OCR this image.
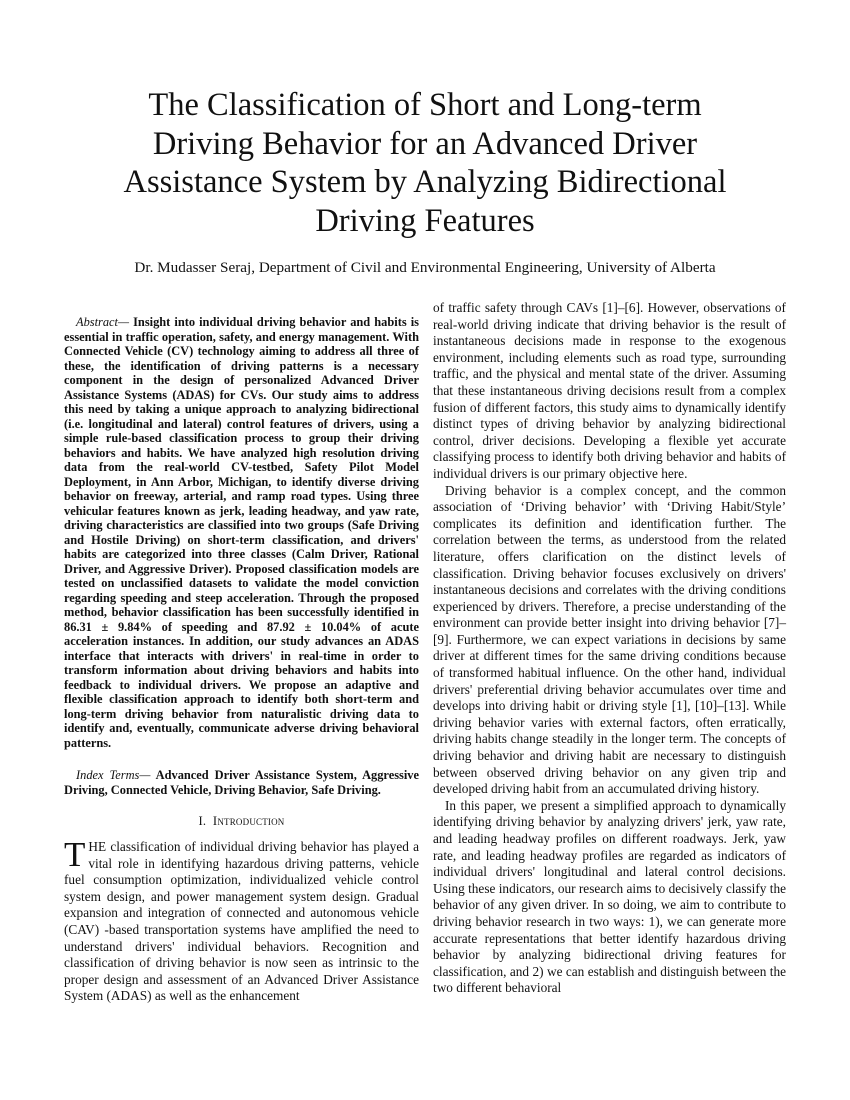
The Classification of Short and Long-term
Driving Behavior for an Advanced Driver
Assistance System by Analyzing Bidirectional
Driving Features

Dr. Mudasser Seraj, Department of Civil and Environmental Engineering, University of Alberta

Abstract— Insight into individual driving behavior and habits is essential in traffic operation, safety, and energy management. With Connected Vehicle (CV) technology aiming to address all three of these, the identification of driving patterns is a necessary component in the design of personalized Advanced Driver Assistance Systems (ADAS) for CVs. Our study aims to address this need by taking a unique approach to analyzing bidirectional (i.e. longitudinal and lateral) control features of drivers, using a simple rule-based classification process to group their driving behaviors and habits. We have analyzed high resolution driving data from the real-world CV-testbed, Safety Pilot Model Deployment, in Ann Arbor, Michigan, to identify diverse driving behavior on freeway, arterial, and ramp road types. Using three vehicular features known as jerk, leading headway, and yaw rate, driving characteristics are classified into two groups (Safe Driving and Hostile Driving) on short-term classification, and drivers' habits are categorized into three classes (Calm Driver, Rational Driver, and Aggressive Driver). Proposed classification models are tested on unclassified datasets to validate the model conviction regarding speeding and steep acceleration. Through the proposed method, behavior classification has been successfully identified in 86.31 ± 9.84% of speeding and 87.92 ± 10.04% of acute acceleration instances. In addition, our study advances an ADAS interface that interacts with drivers' in real-time in order to transform information about driving behaviors and habits into feedback to individual drivers. We propose an adaptive and flexible classification approach to identify both short-term and long-term driving behavior from naturalistic driving data to identify and, eventually, communicate adverse driving behavioral patterns.

Index Terms— Advanced Driver Assistance System, Aggressive Driving, Connected Vehicle, Driving Behavior, Safe Driving.

I. Introduction

THE classification of individual driving behavior has played a vital role in identifying hazardous driving patterns, vehicle fuel consumption optimization, individualized vehicle control system design, and power management system design. Gradual expansion and integration of connected and autonomous vehicle (CAV) -based transportation systems have amplified the need to understand drivers' individual behaviors. Recognition and classification of driving behavior is now seen as intrinsic to the proper design and assessment of an Advanced Driver Assistance System (ADAS) as well as the enhancement

of traffic safety through CAVs [1]–[6]. However, observations of real-world driving indicate that driving behavior is the result of instantaneous decisions made in response to the exogenous environment, including elements such as road type, surrounding traffic, and the physical and mental state of the driver. Assuming that these instantaneous driving decisions result from a complex fusion of different factors, this study aims to dynamically identify distinct types of driving behavior by analyzing bidirectional control, driver decisions. Developing a flexible yet accurate classifying process to identify both driving behavior and habits of individual drivers is our primary objective here.

Driving behavior is a complex concept, and the common association of ‘Driving behavior’ with ‘Driving Habit/Style’ complicates its definition and identification further. The correlation between the terms, as understood from the related literature, offers clarification on the distinct levels of classification. Driving behavior focuses exclusively on drivers' instantaneous decisions and correlates with the driving conditions experienced by drivers. Therefore, a precise understanding of the environment can provide better insight into driving behavior [7]–[9]. Furthermore, we can expect variations in decisions by same driver at different times for the same driving conditions because of transformed habitual influence. On the other hand, individual drivers' preferential driving behavior accumulates over time and develops into driving habit or driving style [1], [10]–[13]. While driving behavior varies with external factors, often erratically, driving habits change steadily in the longer term. The concepts of driving behavior and driving habit are necessary to distinguish between observed driving behavior on any given trip and developed driving habit from an accumulated driving history.

In this paper, we present a simplified approach to dynamically identifying driving behavior by analyzing drivers' jerk, yaw rate, and leading headway profiles on different roadways. Jerk, yaw rate, and leading headway profiles are regarded as indicators of individual drivers' longitudinal and lateral control decisions. Using these indicators, our research aims to decisively classify the behavior of any given driver. In so doing, we aim to contribute to driving behavior research in two ways: 1), we can generate more accurate representations that better identify hazardous driving behavior by analyzing bidirectional driving features for classification, and 2) we can establish and distinguish between the two different behavioral
